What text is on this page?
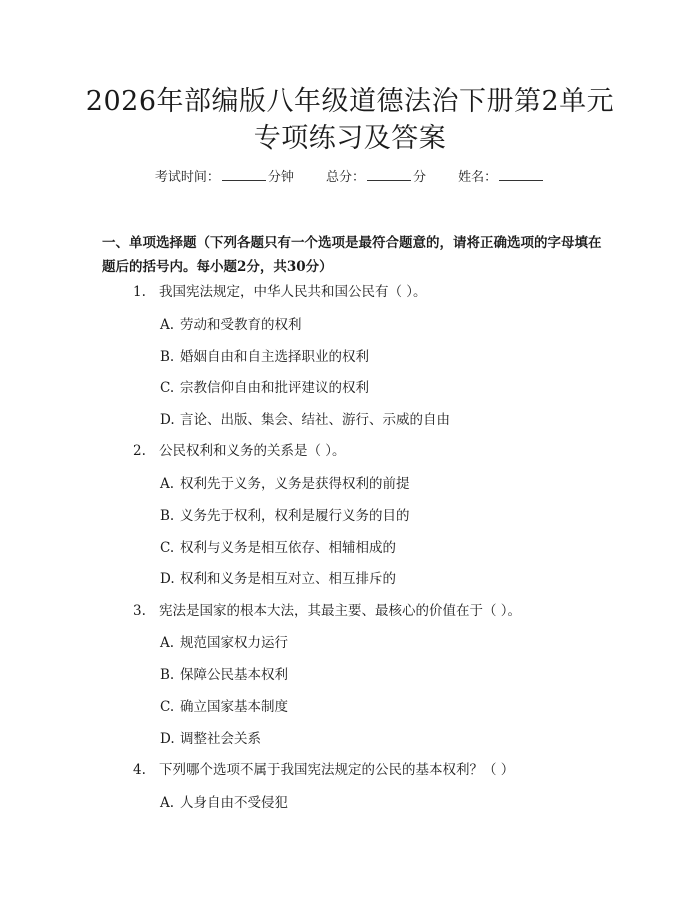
2026年部编版八年级道德法治下册第2单元
专项练习及答案
考试时间：	分钟 总分：	分 姓名：
一、单项选择题（下列各题只有一个选项是最符合题意的，请将正确选项的字母填在题后的括号内。每小题2分，共30分）
1. 我国宪法规定，中华人民共和国公民有（ ）。
A. 劳动和受教育的权利
B. 婚姻自由和自主选择职业的权利
C. 宗教信仰自由和批评建议的权利
D. 言论、出版、集会、结社、游行、示威的自由
2. 公民权利和义务的关系是（ ）。
A. 权利先于义务，义务是获得权利的前提
B. 义务先于权利，权利是履行义务的目的
C. 权利与义务是相互依存、相辅相成的
D. 权利和义务是相互对立、相互排斥的
3. 宪法是国家的根本大法，其最主要、最核心的价值在于（ ）。
A. 规范国家权力运行
B. 保障公民基本权利
C. 确立国家基本制度
D. 调整社会关系
4. 下列哪个选项不属于我国宪法规定的公民的基本权利？（ ）
A. 人身自由不受侵犯
